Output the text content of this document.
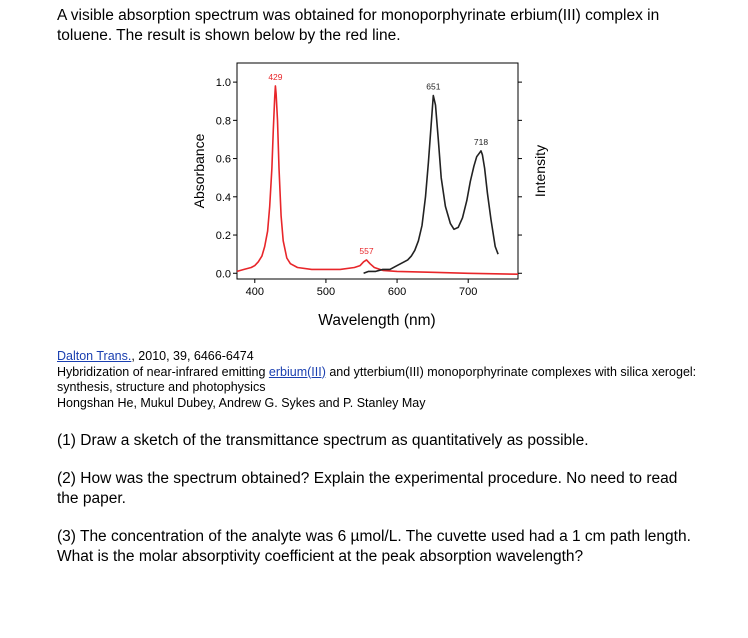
A visible absorption spectrum was obtained for monoporphyrinate erbium(III) complex in toluene. The result is shown below by the red line.

0.0
0.2
0.4
0.6
0.8
1.0
400	500	600	700
429
557
651
718
Wavelength (nm)
Absorbance	Intensity
Dalton Trans., 2010, 39, 6466-6474
Hybridization of near-infrared emitting erbium(III) and ytterbium(III) monoporphyrinate complexes with silica xerogel: synthesis, structure and photophysics
Hongshan He, Mukul Dubey, Andrew G. Sykes and P. Stanley May

(1) Draw a sketch of the transmittance spectrum as quantitatively as possible.

(2) How was the spectrum obtained? Explain the experimental procedure. No need to read the paper.

(3) The concentration of the analyte was 6 µmol/L. The cuvette used had a 1 cm path length. What is the molar absorptivity coefficient at the peak absorption wavelength?
